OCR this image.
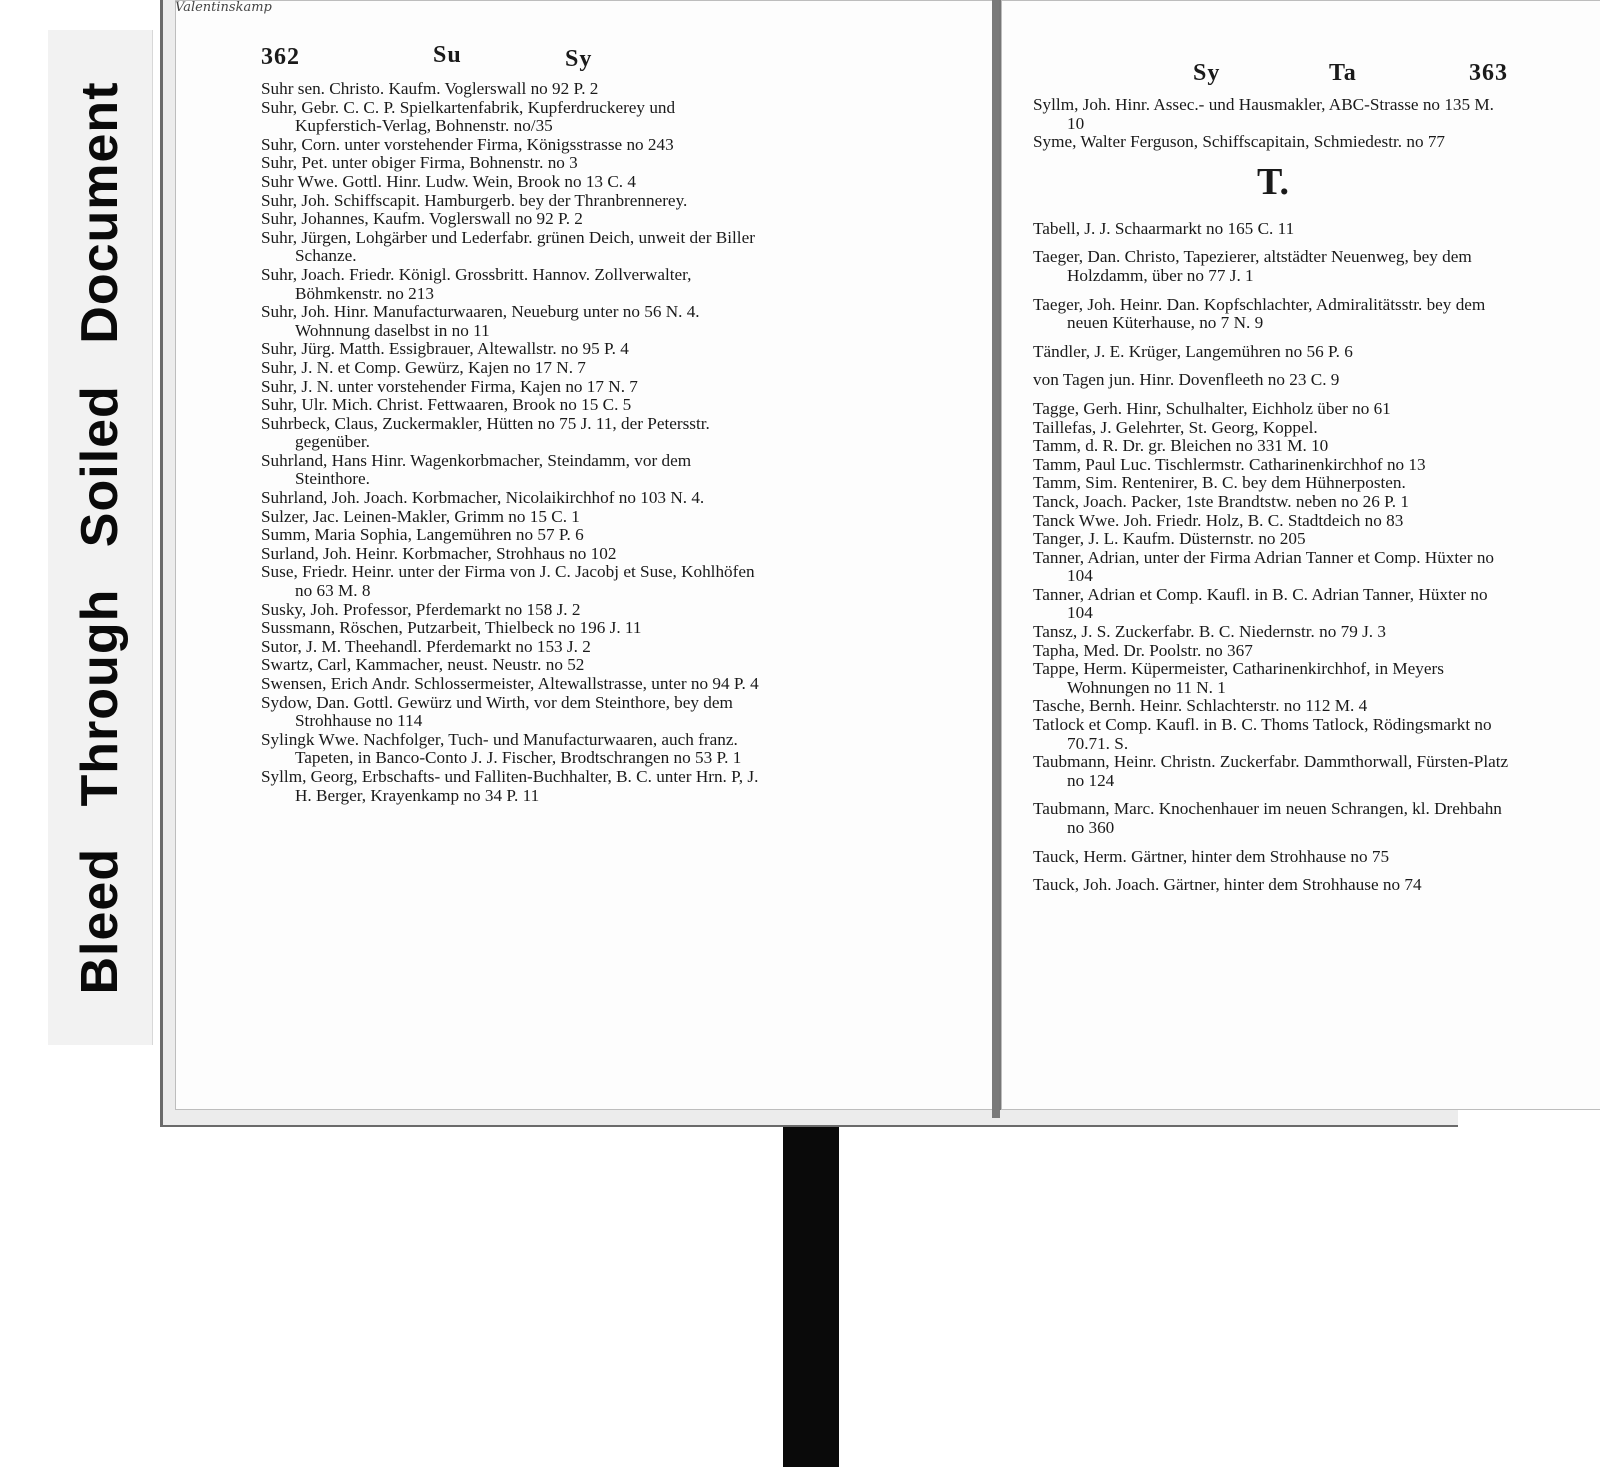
Bleed Through Soiled Document
362	Su	Sy

Suhr sen. Christo. Kaufm. Voglerswall no 92 P. 2

Suhr, Gebr. C. C. P. Spielkartenfabrik, Kupferdruckerey und Kupferstich-Verlag, Bohnenstr. no/35

Suhr, Corn. unter vorstehender Firma, Königsstrasse no 243

Suhr, Pet. unter obiger Firma, Bohnenstr. no 3

Suhr Wwe. Gottl. Hinr. Ludw. Wein, Brook no 13 C. 4

Suhr, Joh. Schiffscapit. Hamburgerb. bey der Thranbrennerey.

Suhr, Johannes, Kaufm. Voglerswall no 92 P. 2

Suhr, Jürgen, Lohgärber und Lederfabr. grünen Deich, unweit der Biller Schanze.

Suhr, Joach. Friedr. Königl. Grossbritt. Hannov. Zollverwalter, Böhmkenstr. no 213

Suhr, Joh. Hinr. Manufacturwaaren, Neueburg unter no 56 N. 4. Wohnnung daselbst in no 11

Suhr, Jürg. Matth. Essigbrauer, Altewallstr. no 95 P. 4

Suhr, J. N. et Comp. Gewürz, Kajen no 17 N. 7

Suhr, J. N. unter vorstehender Firma, Kajen no 17 N. 7

Suhr, Ulr. Mich. Christ. Fettwaaren, Brook no 15 C. 5

Suhrbeck, Claus, Zuckermakler, Hütten no 75 J. 11, der Petersstr. gegenüber.

Suhrland, Hans Hinr. Wagenkorbmacher, Steindamm, vor dem Steinthore.

Suhrland, Joh. Joach. Korbmacher, Nicolaikirchhof no 103 N. 4.

Sulzer, Jac. Leinen-Makler, Grimm no 15 C. 1

Summ, Maria Sophia, Langemühren no 57 P. 6

Surland, Joh. Heinr. Korbmacher, Strohhaus no 102

Suse, Friedr. Heinr. unter der Firma von J. C. Jacobj et Suse, Kohlhöfen no 63 M. 8

Susky, Joh. Professor, Pferdemarkt no 158 J. 2

Sussmann, Röschen, Putzarbeit, Thielbeck no 196 J. 11

Sutor, J. M. Theehandl. Pferdemarkt no 153 J. 2

Swartz, Carl, Kammacher, neust. Neustr. no 52

Swensen, Erich Andr. Schlossermeister, Altewallstrasse, unter no 94 P. 4

Sydow, Dan. Gottl. Gewürz und Wirth, vor dem Steinthore, bey dem Strohhause no 114

Sylingk Wwe. Nachfolger, Tuch- und Manufacturwaaren, auch franz. Tapeten, in Banco-Conto J. J. Fischer, Brodtschrangen no 53 P. 1

Syllm, Georg, Erbschafts- und Falliten-Buchhalter, B. C. unter Hrn. P, J. H. Berger, Krayenkamp no 34 P. 11

Valentinskamp
Sy	Ta	363

Syllm, Joh. Hinr. Assec.- und Hausmakler, ABC-Strasse no 135 M. 10

Syme, Walter Ferguson, Schiffscapitain, Schmiedestr. no 77

T.

Tabell, J. J. Schaarmarkt no 165 C. 11

Taeger, Dan. Christo, Tapezierer, altstädter Neuenweg, bey dem Holzdamm, über no 77 J. 1

Taeger, Joh. Heinr. Dan. Kopfschlachter, Admiralitätsstr. bey dem neuen Küterhause, no 7 N. 9

Tändler, J. E. Krüger, Langemühren no 56 P. 6

von Tagen jun. Hinr. Dovenfleeth no 23 C. 9

Tagge, Gerh. Hinr, Schulhalter, Eichholz über no 61

Taillefas, J. Gelehrter, St. Georg, Koppel.

Tamm, d. R. Dr. gr. Bleichen no 331 M. 10

Tamm, Paul Luc. Tischlermstr. Catharinenkirchhof no 13

Tamm, Sim. Rentenirer, B. C. bey dem Hühnerposten.

Tanck, Joach. Packer, 1ste Brandtstw. neben no 26 P. 1

Tanck Wwe. Joh. Friedr. Holz, B. C. Stadtdeich no 83

Tanger, J. L. Kaufm. Düsternstr. no 205

Tanner, Adrian, unter der Firma Adrian Tanner et Comp. Hüxter no 104

Tanner, Adrian et Comp. Kaufl. in B. C. Adrian Tanner, Hüxter no 104

Tansz, J. S. Zuckerfabr. B. C. Niedernstr. no 79 J. 3

Tapha, Med. Dr. Poolstr. no 367

Tappe, Herm. Küpermeister, Catharinenkirchhof, in Meyers Wohnungen no 11 N. 1

Tasche, Bernh. Heinr. Schlachterstr. no 112 M. 4

Tatlock et Comp. Kaufl. in B. C. Thoms Tatlock, Rödingsmarkt no 70.71. S.

Taubmann, Heinr. Christn. Zuckerfabr. Dammthorwall, Fürsten-Platz no 124

Taubmann, Marc. Knochenhauer im neuen Schrangen, kl. Drehbahn no 360

Tauck, Herm. Gärtner, hinter dem Strohhause no 75

Tauck, Joh. Joach. Gärtner, hinter dem Strohhause no 74
